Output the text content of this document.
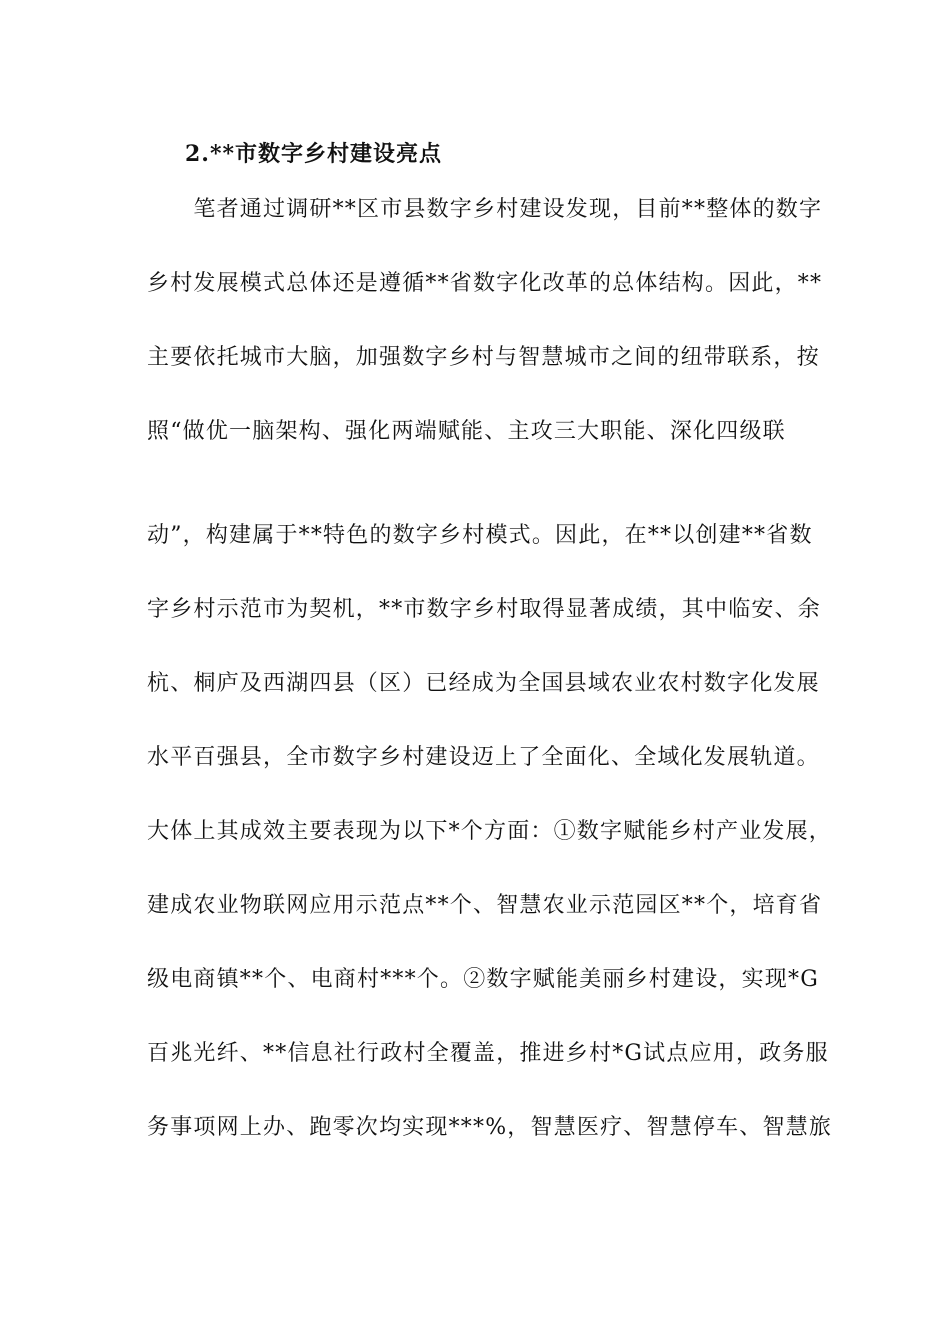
2.**市数字乡村建设亮点
　　笔者通过调研**区市县数字乡村建设发现，目前**整体的数字
乡村发展模式总体还是遵循**省数字化改革的总体结构。因此，**
主要依托城市大脑，加强数字乡村与智慧城市之间的纽带联系，按
照“做优一脑架构、强化两端赋能、主攻三大职能、深化四级联
动”，构建属于**特色的数字乡村模式。因此，在**以创建**省数
字乡村示范市为契机，**市数字乡村取得显著成绩，其中临安、余
杭、桐庐及西湖四县（区）已经成为全国县域农业农村数字化发展
水平百强县，全市数字乡村建设迈上了全面化、全域化发展轨道。
大体上其成效主要表现为以下*个方面：①数字赋能乡村产业发展，
建成农业物联网应用示范点**个、智慧农业示范园区**个，培育省
级电商镇**个、电商村***个。②数字赋能美丽乡村建设，实现*G
百兆光纤、**信息社行政村全覆盖，推进乡村*G试点应用，政务服
务事项网上办、跑零次均实现***%，智慧医疗、智慧停车、智慧旅
